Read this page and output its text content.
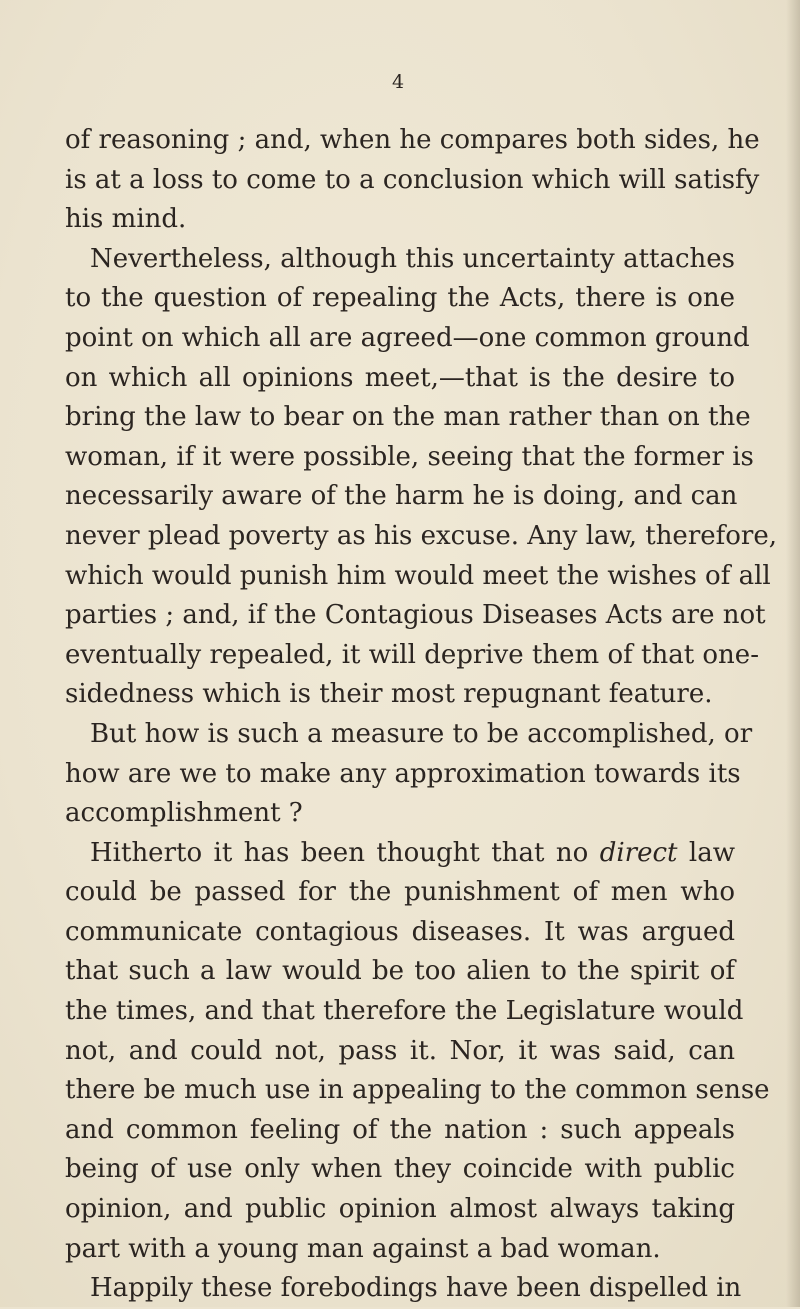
4
of reasoning ; and, when he compares both sides, he
is at a loss to come to a conclusion which will satisfy
his mind.
Nevertheless, although this uncertainty attaches
to the question of repealing the Acts, there is one
point on which all are agreed—one common ground
on which all opinions meet,—that is the desire to
bring the law to bear on the man rather than on the
woman, if it were possible, seeing that the former is
necessarily aware of the harm he is doing, and can
never plead poverty as his excuse. Any law, therefore,
which would punish him would meet the wishes of all
parties ; and, if the Contagious Diseases Acts are not
eventually repealed, it will deprive them of that one-
sidedness which is their most repugnant feature.
But how is such a measure to be accomplished, or
how are we to make any approximation towards its
accomplishment ?
Hitherto it has been thought that no direct law
could be passed for the punishment of men who
communicate contagious diseases. It was argued
that such a law would be too alien to the spirit of
the times, and that therefore the Legislature would
not, and could not, pass it. Nor, it was said, can
there be much use in appealing to the common sense
and common feeling of the nation : such appeals
being of use only when they coincide with public
opinion, and public opinion almost always taking
part with a young man against a bad woman.
Happily these forebodings have been dispelled in
